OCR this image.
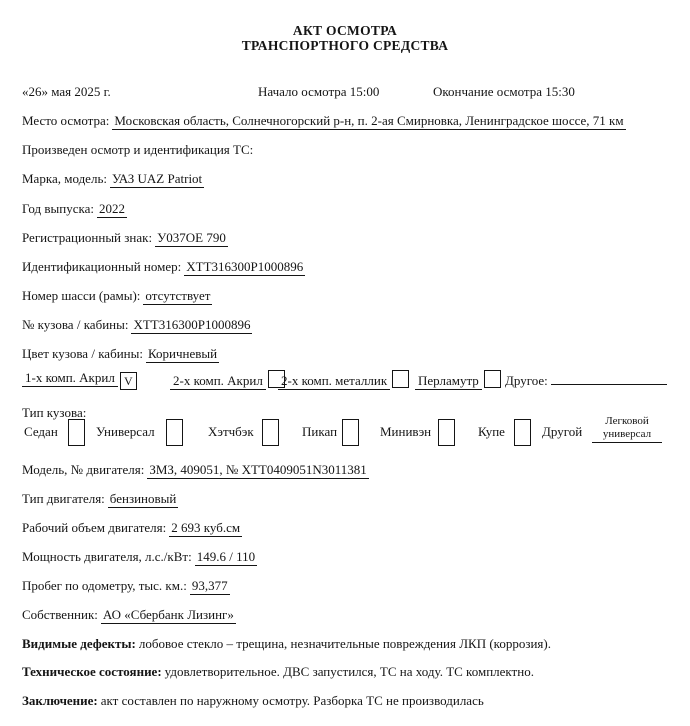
АКТ ОСМОТРА
ТРАНСПОРТНОГО СРЕДСТВА
«26» мая 2025 г.	Начало осмотра 15:00	Окончание осмотра 15:30
Место осмотра: Московская область, Солнечногорский р-н, п. 2-ая Смирновка, Ленинградское шоссе, 71 км
Произведен осмотр и идентификация ТС:
Марка, модель: УАЗ UAZ Patriot
Год выпуска: 2022
Регистрационный знак: У037ОЕ 790
Идентификационный номер: XTT316300P1000896
Номер шасси (рамы): отсутствует
№ кузова / кабины: XTT316300P1000896
Цвет кузова / кабины: Коричневый
1-х комп. Акрил V	2-х комп. Акрил	2-х комп. металлик	Перламутр	Другое:
Тип кузова:
Седан	Универсал	Хэтчбэк	Пикап	Минивэн	Купе	Другой
Легковой
универсал
Модель, № двигателя: ЗМЗ, 409051, № XTT0409051N3011381
Тип двигателя: бензиновый
Рабочий объем двигателя: 2 693 куб.см
Мощность двигателя, л.с./кВт: 149.6 / 110
Пробег по одометру, тыс. км.: 93,377
Собственник: АО «Сбербанк Лизинг»
Видимые дефекты: лобовое стекло – трещина, незначительные повреждения ЛКП (коррозия).
Техническое состояние: удовлетворительное. ДВС запустился, ТС на ходу. ТС комплектно.
Заключение: акт составлен по наружному осмотру. Разборка ТС не производилась
